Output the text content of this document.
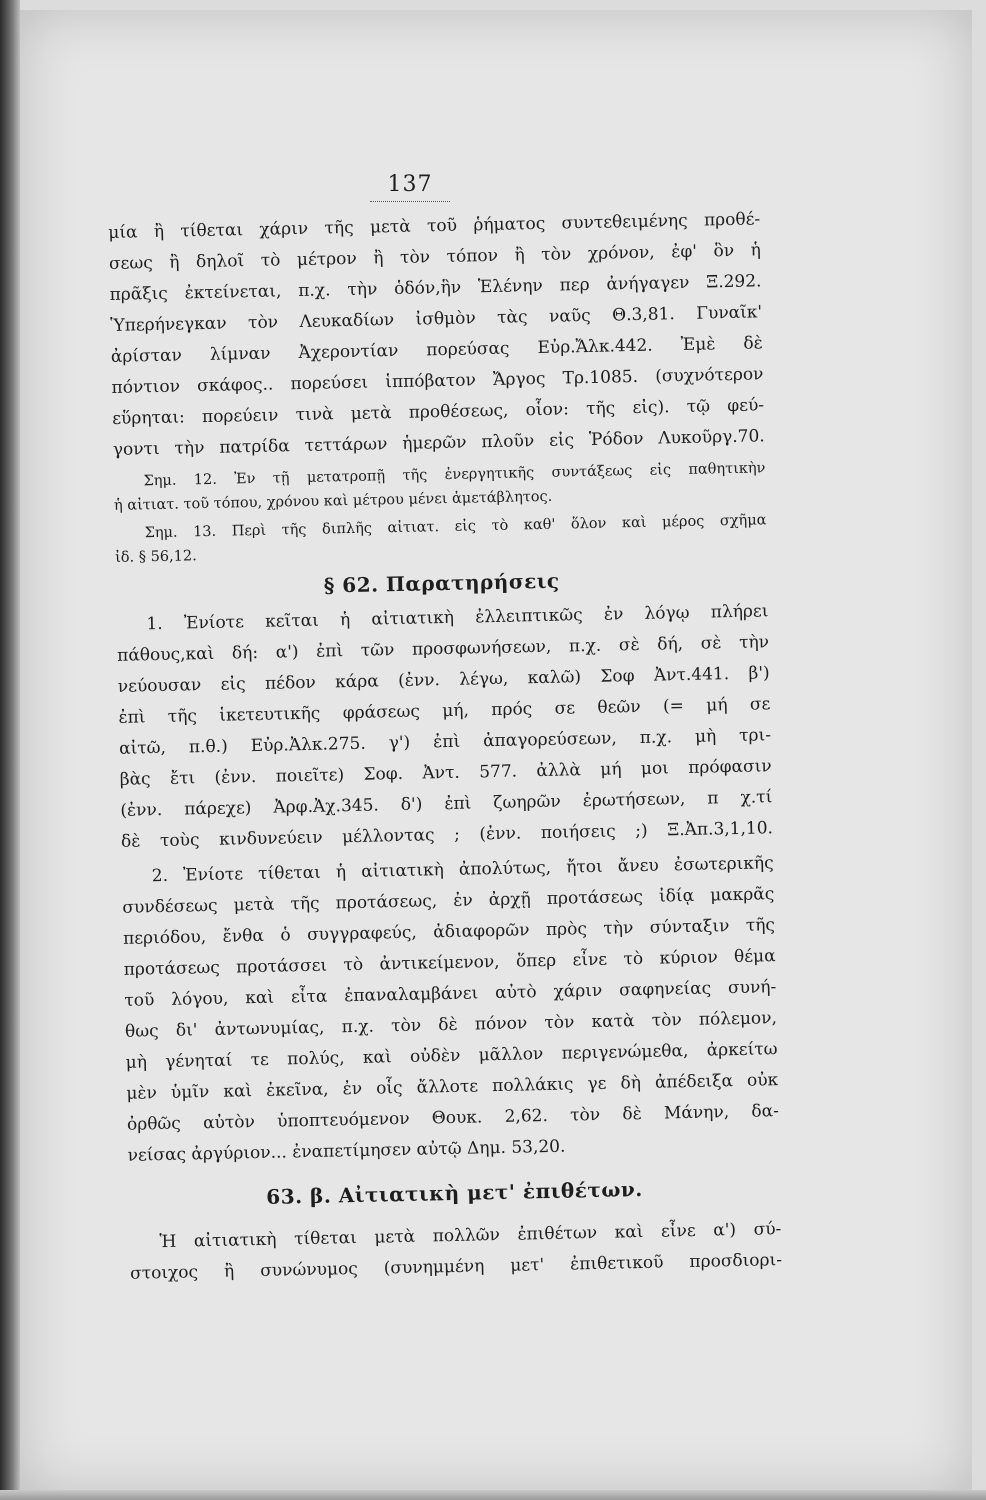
137
μία ἢ τίθεται χάριν τῆς μετὰ τοῦ ῥήματος συντεθειμένης προθέ-
σεως ἢ δηλοῖ τὸ μέτρον ἢ τὸν τόπον ἢ τὸν χρόνον, ἐφ' ὃν ἡ
πρᾶξις ἐκτείνεται, π.χ. τὴν ὁδόν,ἣν Ἑλένην περ ἀνήγαγεν Ξ.292.
Ὑπερήνεγκαν τὸν Λευκαδίων ἰσθμὸν τὰς ναῦς Θ.3,81. Γυναῖκ'
ἀρίσταν λίμναν Ἀχεροντίαν πορεύσας Εὐρ.Ἄλκ.442. Ἐμὲ δὲ
πόντιον σκάφος.. πορεύσει ἱππόβατον Ἄργος Τρ.1085. (συχνότερον
εὕρηται: πορεύειν τινὰ μετὰ προθέσεως, οἷον: τῆς εἰς). τῷ φεύ-
γοντι τὴν πατρίδα τεττάρων ἡμερῶν πλοῦν εἰς Ῥόδον Λυκοῦργ.70.
Σημ. 12. Ἐν τῇ μετατροπῇ τῆς ἐνεργητικῆς συντάξεως εἰς παθητικὴν
ἡ αἰτιατ. τοῦ τόπου, χρόνου καὶ μέτρου μένει ἀμετάβλητος.
Σημ. 13. Περὶ τῆς διπλῆς αἰτιατ. εἰς τὸ καθ' ὅλον καὶ μέρος σχῆμα
ἰδ. § 56,12.
§ 62. Παρατηρήσεις
1. Ἐνίοτε κεῖται ἡ αἰτιατικὴ ἐλλειπτικῶς ἐν λόγῳ πλήρει
πάθους,καὶ δή: α') ἐπὶ τῶν προσφωνήσεων, π.χ. σὲ δή, σὲ τὴν
νεύουσαν εἰς πέδον κάρα (ἐνν. λέγω, καλῶ) Σοφ Ἀντ.441. β')
ἐπὶ τῆς ἱκετευτικῆς φράσεως μή, πρός σε θεῶν (= μή σε
αἰτῶ, π.θ.) Εὐρ.Ἀλκ.275. γ') ἐπὶ ἀπαγορεύσεων, π.χ. μὴ τρι-
βὰς ἔτι (ἐνν. ποιεῖτε) Σοφ. Ἀντ. 577. ἀλλὰ μή μοι πρόφασιν
(ἐνν. πάρεχε) Ἀρφ.Ἀχ.345. δ') ἐπὶ ζωηρῶν ἐρωτήσεων, π χ.τί
δὲ τοὺς κινδυνεύειν μέλλοντας ; (ἐνν. ποιήσεις ;) Ξ.Ἀπ.3,1,10.
2. Ἐνίοτε τίθεται ἡ αἰτιατικὴ ἀπολύτως, ἤτοι ἄνευ ἐσωτερικῆς
συνδέσεως μετὰ τῆς προτάσεως, ἐν ἀρχῇ προτάσεως ἰδίᾳ μακρᾶς
περιόδου, ἔνθα ὁ συγγραφεύς, ἀδιαφορῶν πρὸς τὴν σύνταξιν τῆς
προτάσεως προτάσσει τὸ ἀντικείμενον, ὅπερ εἶνε τὸ κύριον θέμα
τοῦ λόγου, καὶ εἶτα ἐπαναλαμβάνει αὐτὸ χάριν σαφηνείας συνή-
θως δι' ἀντωνυμίας, π.χ. τὸν δὲ πόνον τὸν κατὰ τὸν πόλεμον,
μὴ γένηταί τε πολύς, καὶ οὐδὲν μᾶλλον περιγενώμεθα, ἀρκείτω
μὲν ὑμῖν καὶ ἐκεῖνα, ἐν οἷς ἄλλοτε πολλάκις γε δὴ ἀπέδειξα οὐκ
ὀρθῶς αὐτὸν ὑποπτευόμενον Θουκ. 2,62. τὸν δὲ Μάνην, δα-
νείσας ἀργύριον... ἐναπετίμησεν αὐτῷ Δημ. 53,20.
63. β. Αἰτιατικὴ μετ' ἐπιθέτων.
Ἡ αἰτιατικὴ τίθεται μετὰ πολλῶν ἐπιθέτων καὶ εἶνε α') σύ-
στοιχος ἢ συνώνυμος (συνημμένη μετ' ἐπιθετικοῦ προσδιορι-
